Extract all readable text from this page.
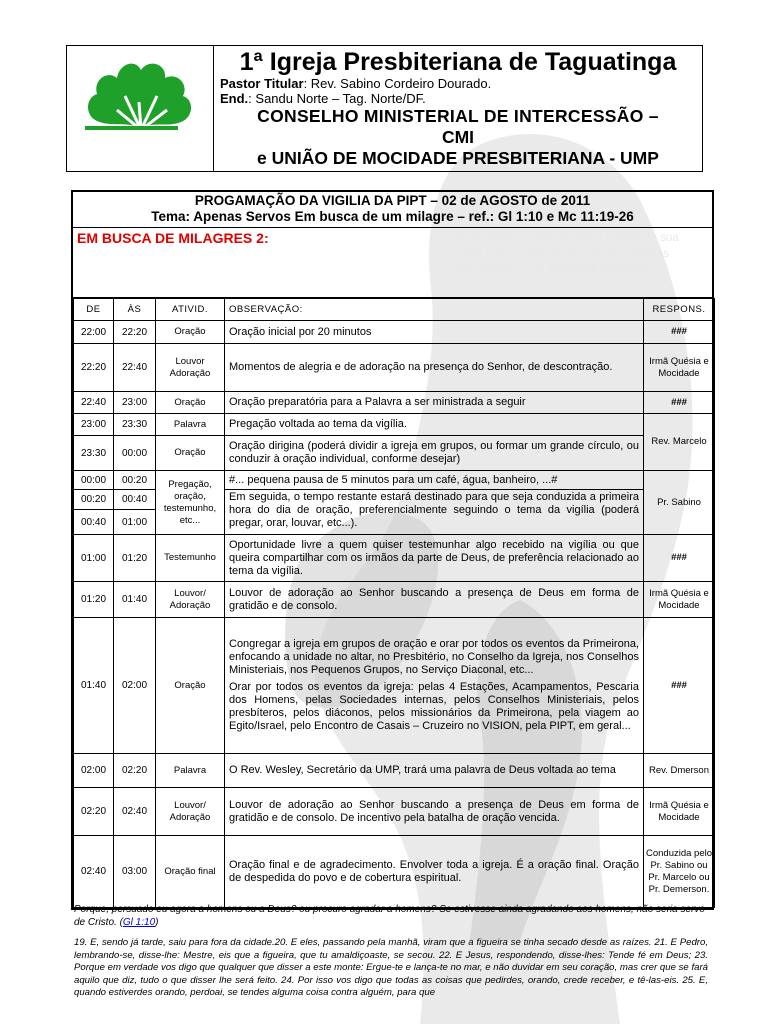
1ª Igreja Presbiteriana de Taguatinga
Pastor Titular: Rev. Sabino Cordeiro Dourado.
End.: Sandu Norte – Tag. Norte/DF.
CONSELHO MINISTERIAL DE INTERCESSÃO –
CMI
e UNIÃO DE MOCIDADE PRESBITERIANA - UMP
PROGAMAÇÃO DA VIGILIA DA PIPT – 02 de AGOSTO de 2011
Tema: Apenas Servos Em busca de um milagre – ref.: Gl 1:10 e Mc 11:19-26
EM BUSCA DE MILAGRES 2:	nto de Deus, o CMI que tinha o tema de sua
P que tinha o tema de sua vigília: “Apenas
que passará a ser APENAS SERVOS
DE	ÀS	ATIVID.	OBSERVAÇÃO:	RESPONS.
22:00	22:20	Oração	Oração inicial por 20 minutos	###
22:20	22:40	Louvor Adoração	Momentos de alegria e de adoração na presença do Senhor, de descontração.	Irmã Quésia e Mocidade
22:40	23:00	Oração	Oração preparatória para a Palavra a ser ministrada a seguir	###
23:00	23:30	Palavra	Pregação voltada ao tema da vigília.	Rev. Marcelo
23:30	00:00	Oração	Oração dirigina (poderá dividir a igreja em grupos, ou formar um grande círculo, ou conduzir à oração individual, conforme desejar)	
00:00	00:20	Pregação, oração, testemunho, etc...	#... pequena pausa de 5 minutos para um café, água, banheiro, ...#	Pr. Sabino
00:20	00:40		Em seguida, o tempo restante estará destinado para que seja conduzida a primeira hora do dia de oração, preferencialmente seguindo o tema da vigília (poderá pregar, orar, louvar, etc...).	
00:40	01:00			
01:00	01:20	Testemunho	Oportunidade livre a quem quiser testemunhar algo recebido na vigília ou que queira compartilhar com os irmãos da parte de Deus, de preferência relacionado ao tema da vigília.	###
01:20	01:40	Louvor/ Adoração	Louvor de adoração ao Senhor buscando a presença de Deus em forma de gratidão e de consolo.	Irmã Quésia e Mocidade
01:40	02:00	Oração	Congregar a igreja em grupos de oração e orar por todos os eventos da Primeirona, enfocando a unidade no altar, no Presbitério, no Conselho da Igreja, nos Conselhos Ministeriais, nos Pequenos Grupos, no Serviço Diaconal, etc...
Orar por todos os eventos da igreja: pelas 4 Estações, Acampamentos, Pescaria dos Homens, pelas Sociedades internas, pelos Conselhos Ministeriais, pelos presbíteros, pelos diáconos, pelos missionários da Primeirona, pela viagem ao Egito/Israel, pelo Encontro de Casais – Cruzeiro no VISION, pela PIPT, em geral...	###
02:00	02:20	Palavra	O Rev. Wesley, Secretário da UMP, trará uma palavra de Deus voltada ao tema	Rev. Dmerson
02:20	02:40	Louvor/ Adoração	Louvor de adoração ao Senhor buscando a presença de Deus em forma de gratidão e de consolo. De incentivo pela batalha de oração vencida.	Irmã Quésia e Mocidade
02:40	03:00	Oração final	Oração final e de agradecimento. Envolver toda a igreja. É a oração final. Oração de despedida do povo e de cobertura espiritual.	Conduzida pelo Pr. Sabino ou Pr. Marcelo ou Pr. Demerson.
Porque, persuado eu agora a homens ou a Deus? ou procuro agradar a homens? Se estivesse ainda agradando aos homens, não seria servo de Cristo. (Gl 1:10)
19. E, sendo já tarde, saiu para fora da cidade.20. E eles, passando pela manhã, viram que a figueira se tinha secado desde as raízes. 21. E Pedro, lembrando-se, disse-lhe: Mestre, eis que a figueira, que tu amaldiçoaste, se secou. 22. E Jesus, respondendo, disse-lhes: Tende fé em Deus; 23. Porque em verdade vos digo que qualquer que disser a este monte: Ergue-te e lança-te no mar, e não duvidar em seu coração, mas crer que se fará aquilo que diz, tudo o que disser lhe será feito. 24. Por isso vos digo que todas as coisas que pedirdes, orando, crede receber, e tê-las-eis. 25. E, quando estiverdes orando, perdoai, se tendes alguma coisa contra alguém, para que
